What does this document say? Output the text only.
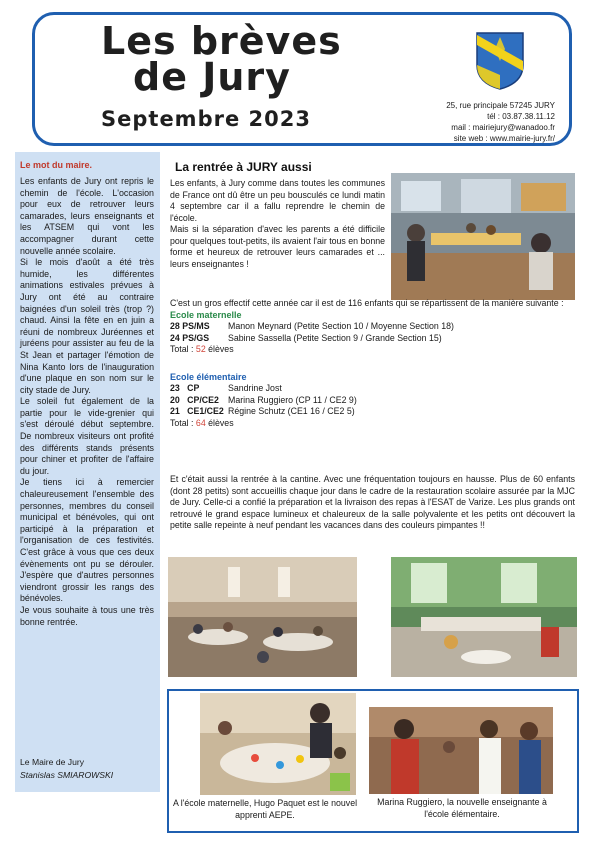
Les brèves
de Jury
Septembre 2023
25, rue principale 57245 JURY
tél : 03.87.38.11.12
mail : mairiejury@wanadoo.fr
site web : www.mairie-jury.fr/
Le mot du maire.

Les enfants de Jury ont repris le chemin de l'école. L'occasion pour eux de retrouver leurs camarades, leurs enseignants et les ATSEM qui vont les accompagner durant cette nouvelle année scolaire.

Si le mois d'août a été très humide, les différentes animations estivales prévues à Jury ont été au contraire baignées d'un soleil très (trop ?) chaud. Ainsi la fête en en juin a réuni de nombreux Juréennes et juréens pour assister au feu de la St Jean et partager l'émotion de Nina Kanto lors de l'inauguration d'une plaque en son nom sur le city stade de Jury.

Le soleil fut également de la partie pour le vide-grenier qui s'est déroulé début septembre. De nombreux visiteurs ont profité des différents stands présents pour chiner et profiter de l'affaire du jour.

Je tiens ici à remercier chaleureusement l'ensemble des personnes, membres du conseil municipal et bénévoles, qui ont participé à la préparation et l'organisation de ces festivités. C'est grâce à vous que ces deux évènements ont pu se dérouler. J'espère que d'autres personnes viendront grossir les rangs des bénévoles.

Je vous souhaite à tous une très bonne rentrée.

Le Maire de Jury
Stanislas SMIAROWSKI
La rentrée à JURY aussi

Les enfants, à Jury comme dans toutes les communes de France ont dû être un peu bousculés ce lundi matin 4 septembre car il a fallu reprendre le chemin de l'école.

Mais si la séparation d'avec les parents a été difficile pour quelques tout-petits, ils avaient l'air tous en bonne forme et heureux de retrouver leurs camarades et ... leurs enseignantes !

C'est un gros effectif cette année car il est de 116 enfants qui se répartissent de la manière suivante :
Ecole maternelle
28 PS/MS Manon Meynard (Petite Section 10 / Moyenne Section 18)
24 PS/GS Sabine Sassella (Petite Section 9 / Grande Section 15)
Total : 52 élèves
Ecole élémentaire
23   CP	Sandrine Jost
20   CP/CE2 Marina Ruggiero (CP 11 / CE2 9)
21   CE1/CE2 Régine Schutz (CE1 16 / CE2 5)
Total : 64 élèves
Et c'était aussi la rentrée à la cantine. Avec une fréquentation toujours en hausse. Plus de 60 enfants (dont 28 petits) sont accueillis chaque jour dans le cadre de la restauration scolaire assurée par la MJC de Jury. Celle-ci a confié la préparation et la livraison des repas à l'ESAT de Varize. Les plus grands ont retrouvé le grand espace lumineux et chaleureux de la salle polyvalente et les petits ont découvert la petite salle repeinte à neuf pendant les vacances dans des couleurs pimpantes !!
A l'école maternelle, Hugo Paquet est le nouvel apprenti AEPE.
Marina Ruggiero, la nouvelle enseignante à l'école élémentaire.
